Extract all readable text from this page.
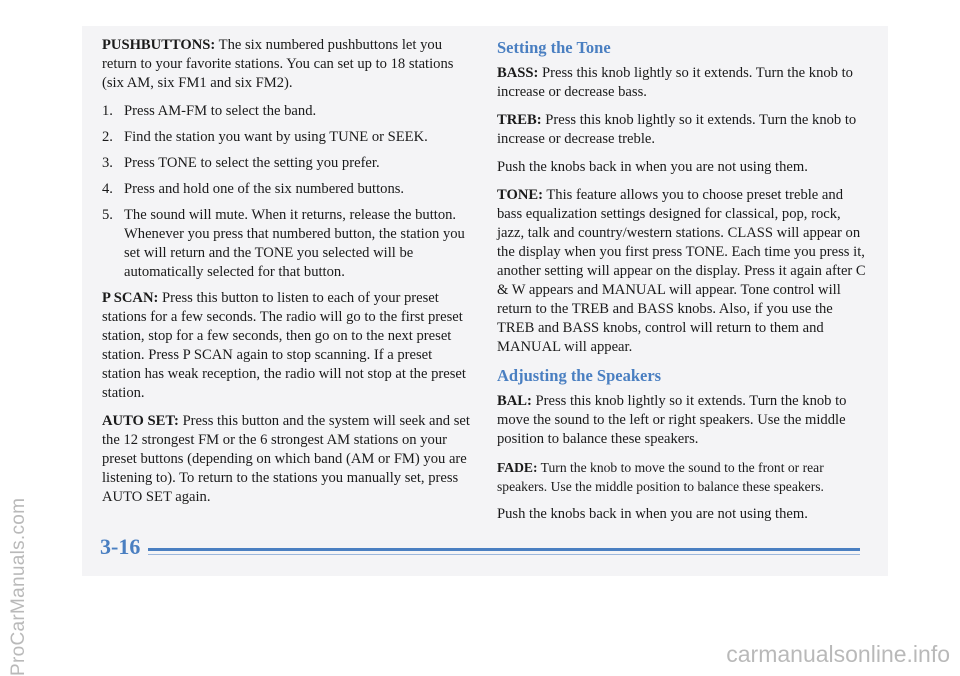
PUSHBUTTONS: The six numbered pushbuttons let you return to your favorite stations. You can set up to 18 stations (six AM, six FM1 and six FM2).

1. Press AM-FM to select the band.
2. Find the station you want by using TUNE or SEEK.
3. Press TONE to select the setting you prefer.
4. Press and hold one of the six numbered buttons.
5. The sound will mute. When it returns, release the button. Whenever you press that numbered button, the station you set will return and the TONE you selected will be automatically selected for that button.

P SCAN: Press this button to listen to each of your preset stations for a few seconds. The radio will go to the first preset station, stop for a few seconds, then go on to the next preset station. Press P SCAN again to stop scanning. If a preset station has weak reception, the radio will not stop at the preset station.

AUTO SET: Press this button and the system will seek and set the 12 strongest FM or the 6 strongest AM stations on your preset buttons (depending on which band (AM or FM) you are listening to). To return to the stations you manually set, press AUTO SET again.

Setting the Tone

BASS: Press this knob lightly so it extends. Turn the knob to increase or decrease bass.

TREB: Press this knob lightly so it extends. Turn the knob to increase or decrease treble.

Push the knobs back in when you are not using them.

TONE: This feature allows you to choose preset treble and bass equalization settings designed for classical, pop, rock, jazz, talk and country/western stations. CLASS will appear on the display when you first press TONE. Each time you press it, another setting will appear on the display. Press it again after C & W appears and MANUAL will appear. Tone control will return to the TREB and BASS knobs. Also, if you use the TREB and BASS knobs, control will return to them and MANUAL will appear.

Adjusting the Speakers

BAL: Press this knob lightly so it extends. Turn the knob to move the sound to the left or right speakers. Use the middle position to balance these speakers.

FADE: Turn the knob to move the sound to the front or rear speakers. Use the middle position to balance these speakers.

Push the knobs back in when you are not using them.

3-16
ProCarManuals.com	carmanualsonline.info
